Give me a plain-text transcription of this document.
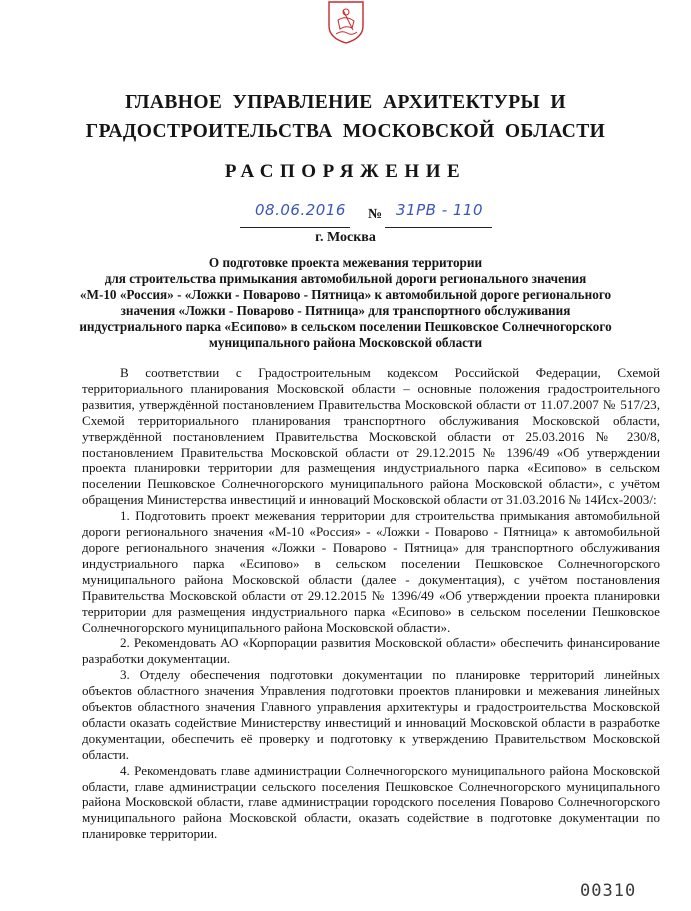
ГЛАВНОЕ УПРАВЛЕНИЕ АРХИТЕКТУРЫ И
ГРАДОСТРОИТЕЛЬСТВА МОСКОВСКОЙ ОБЛАСТИ
РАСПОРЯЖЕНИЕ
08.06.2016 № 31РВ - 110
г. Москва
О подготовке проекта межевания территории
для строительства примыкания автомобильной дороги регионального значения
«М-10 «Россия» - «Ложки - Поварово - Пятница» к автомобильной дороге регионального
значения «Ложки - Поварово - Пятница» для транспортного обслуживания
индустриального парка «Есипово» в сельском поселении Пешковское Солнечногорского
муниципального района Московской области

В соответствии с Градостроительным кодексом Российской Федерации, Схемой территориального планирования Московской области – основные положения градостроительного развития, утверждённой постановлением Правительства Московской области от 11.07.2007 № 517/23, Схемой территориального планирования транспортного обслуживания Московской области, утверждённой постановлением Правительства Московской области от 25.03.2016 № 230/8, постановлением Правительства Московской области от 29.12.2015 № 1396/49 «Об утверждении проекта планировки территории для размещения индустриального парка «Есипово» в сельском поселении Пешковское Солнечногорского муниципального района Московской области», с учётом обращения Министерства инвестиций и инноваций Московской области от 31.03.2016 № 14Исх-2003/:

1. Подготовить проект межевания территории для строительства примыкания автомобильной дороги регионального значения «М-10 «Россия» - «Ложки - Поварово - Пятница» к автомобильной дороге регионального значения «Ложки - Поварово - Пятница» для транспортного обслуживания индустриального парка «Есипово» в сельском поселении Пешковское Солнечногорского муниципального района Московской области (далее - документация), с учётом постановления Правительства Московской области от 29.12.2015 № 1396/49 «Об утверждении проекта планировки территории для размещения индустриального парка «Есипово» в сельском поселении Пешковское Солнечногорского муниципального района Московской области».

2. Рекомендовать АО «Корпорации развития Московской области» обеспечить финансирование разработки документации.

3. Отделу обеспечения подготовки документации по планировке территорий линейных объектов областного значения Управления подготовки проектов планировки и межевания линейных объектов областного значения Главного управления архитектуры и градостроительства Московской области оказать содействие Министерству инвестиций и инноваций Московской области в разработке документации, обеспечить её проверку и подготовку к утверждению Правительством Московской области.

4. Рекомендовать главе администрации Солнечногорского муниципального района Московской области, главе администрации сельского поселения Пешковское Солнечногорского муниципального района Московской области, главе администрации городского поселения Поварово Солнечногорского муниципального района Московской области, оказать содействие в подготовке документации по планировке территории.

00310
